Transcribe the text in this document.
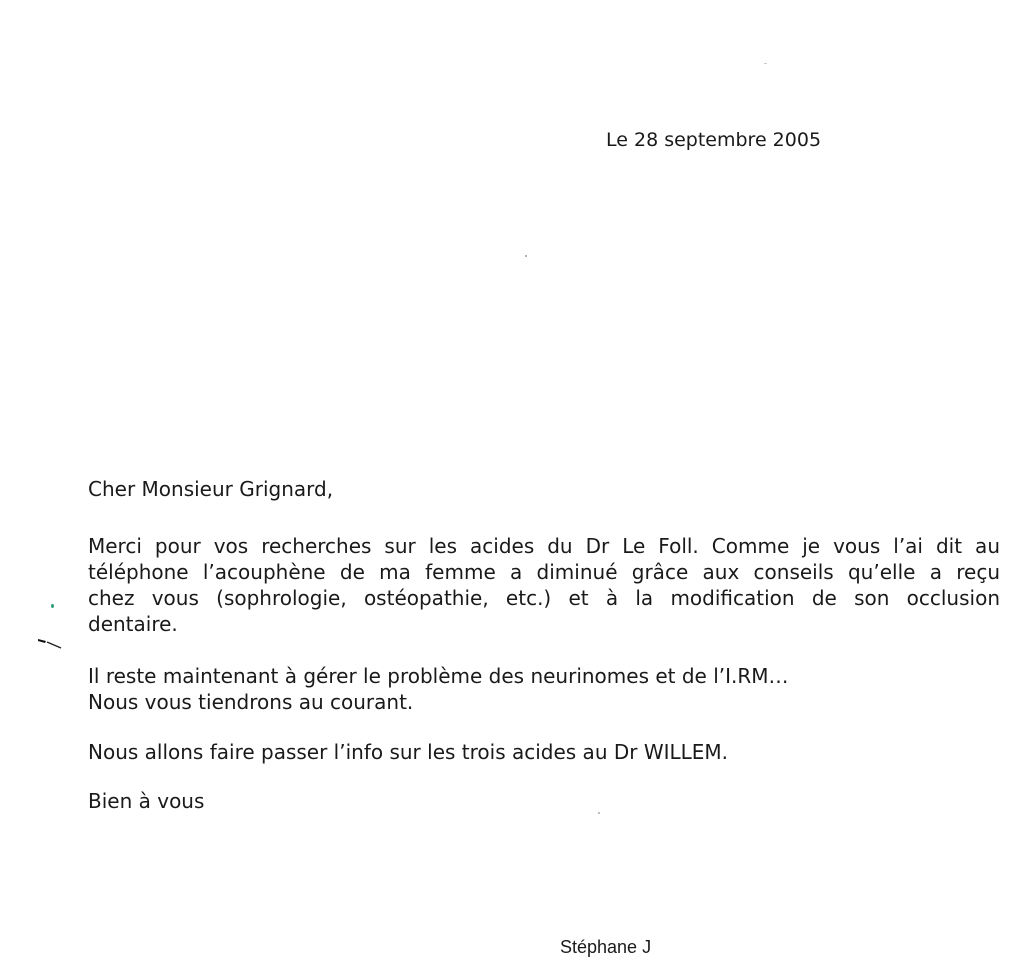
Le 28 septembre 2005
Cher Monsieur Grignard,

Merci pour vos recherches sur les acides du Dr Le Foll. Comme je vous l’ai dit au
téléphone l’acouphène de ma femme a diminué grâce aux conseils qu’elle a reçu
chez vous (sophrologie, ostéopathie, etc.) et à la modification de son occlusion
dentaire.

Il reste maintenant à gérer le problème des neurinomes et de l’I.RM…
Nous vous tiendrons au courant.

Nous allons faire passer l’info sur les trois acides au Dr WILLEM.

Bien à vous
Stéphane J
